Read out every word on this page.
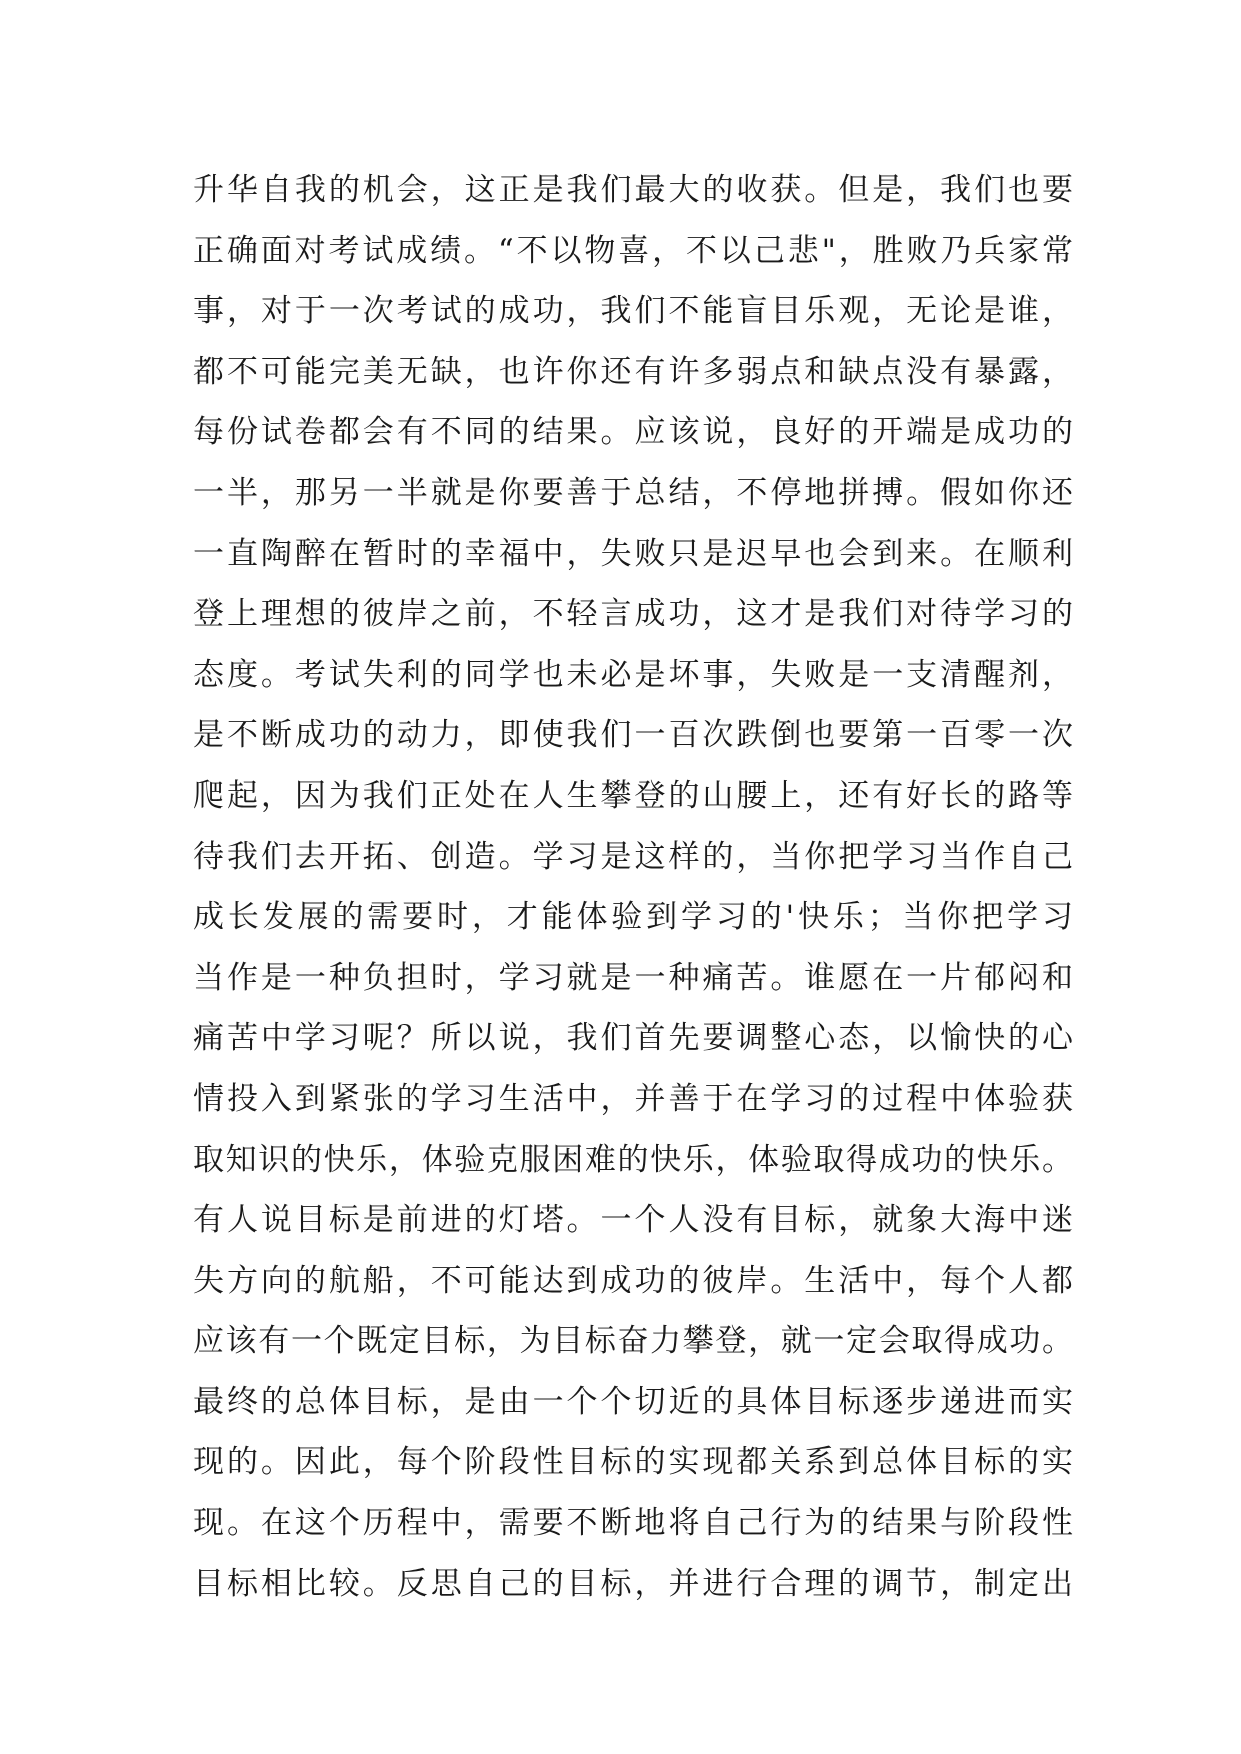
升华自我的机会，这正是我们最大的收获。但是，我们也要
正确面对考试成绩。“不以物喜，不以己悲"，胜败乃兵家常
事，对于一次考试的成功，我们不能盲目乐观，无论是谁，
都不可能完美无缺，也许你还有许多弱点和缺点没有暴露，
每份试卷都会有不同的结果。应该说，良好的开端是成功的
一半，那另一半就是你要善于总结，不停地拼搏。假如你还
一直陶醉在暂时的幸福中，失败只是迟早也会到来。在顺利
登上理想的彼岸之前，不轻言成功，这才是我们对待学习的
态度。考试失利的同学也未必是坏事，失败是一支清醒剂，
是不断成功的动力，即使我们一百次跌倒也要第一百零一次
爬起，因为我们正处在人生攀登的山腰上，还有好长的路等
待我们去开拓、创造。学习是这样的，当你把学习当作自己
成长发展的需要时，才能体验到学习的'快乐；当你把学习
当作是一种负担时，学习就是一种痛苦。谁愿在一片郁闷和
痛苦中学习呢？所以说，我们首先要调整心态，以愉快的心
情投入到紧张的学习生活中，并善于在学习的过程中体验获
取知识的快乐，体验克服困难的快乐，体验取得成功的快乐。
有人说目标是前进的灯塔。一个人没有目标，就象大海中迷
失方向的航船，不可能达到成功的彼岸。生活中，每个人都
应该有一个既定目标，为目标奋力攀登，就一定会取得成功。
最终的总体目标，是由一个个切近的具体目标逐步递进而实
现的。因此，每个阶段性目标的实现都关系到总体目标的实
现。在这个历程中，需要不断地将自己行为的结果与阶段性
目标相比较。反思自己的目标，并进行合理的调节，制定出
